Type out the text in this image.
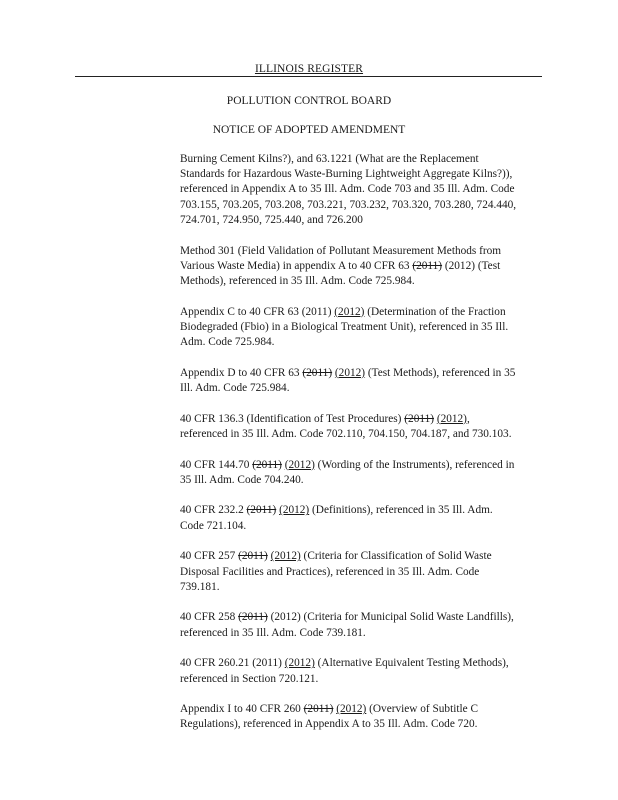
ILLINOIS REGISTER
POLLUTION CONTROL BOARD
NOTICE OF ADOPTED AMENDMENT
Burning Cement Kilns?), and 63.1221 (What are the Replacement
Standards for Hazardous Waste-Burning Lightweight Aggregate Kilns?)),
referenced in Appendix A to 35 Ill. Adm. Code 703 and 35 Ill. Adm. Code
703.155, 703.205, 703.208, 703.221, 703.232, 703.320, 703.280, 724.440,
724.701, 724.950, 725.440, and 726.200
Method 301 (Field Validation of Pollutant Measurement Methods from
Various Waste Media) in appendix A to 40 CFR 63 (2011) (2012) (Test
Methods), referenced in 35 Ill. Adm. Code 725.984.
Appendix C to 40 CFR 63 (2011) (2012) (Determination of the Fraction
Biodegraded (Fbio) in a Biological Treatment Unit), referenced in 35 Ill.
Adm. Code 725.984.
Appendix D to 40 CFR 63 (2011) (2012) (Test Methods), referenced in 35
Ill. Adm. Code 725.984.
40 CFR 136.3 (Identification of Test Procedures) (2011) (2012),
referenced in 35 Ill. Adm. Code 702.110, 704.150, 704.187, and 730.103.
40 CFR 144.70 (2011) (2012) (Wording of the Instruments), referenced in
35 Ill. Adm. Code 704.240.
40 CFR 232.2 (2011) (2012) (Definitions), referenced in 35 Ill. Adm.
Code 721.104.
40 CFR 257 (2011) (2012) (Criteria for Classification of Solid Waste
Disposal Facilities and Practices), referenced in 35 Ill. Adm. Code
739.181.
40 CFR 258 (2011) (2012) (Criteria for Municipal Solid Waste Landfills),
referenced in 35 Ill. Adm. Code 739.181.
40 CFR 260.21 (2011) (2012) (Alternative Equivalent Testing Methods),
referenced in Section 720.121.
Appendix I to 40 CFR 260 (2011) (2012) (Overview of Subtitle C
Regulations), referenced in Appendix A to 35 Ill. Adm. Code 720.
